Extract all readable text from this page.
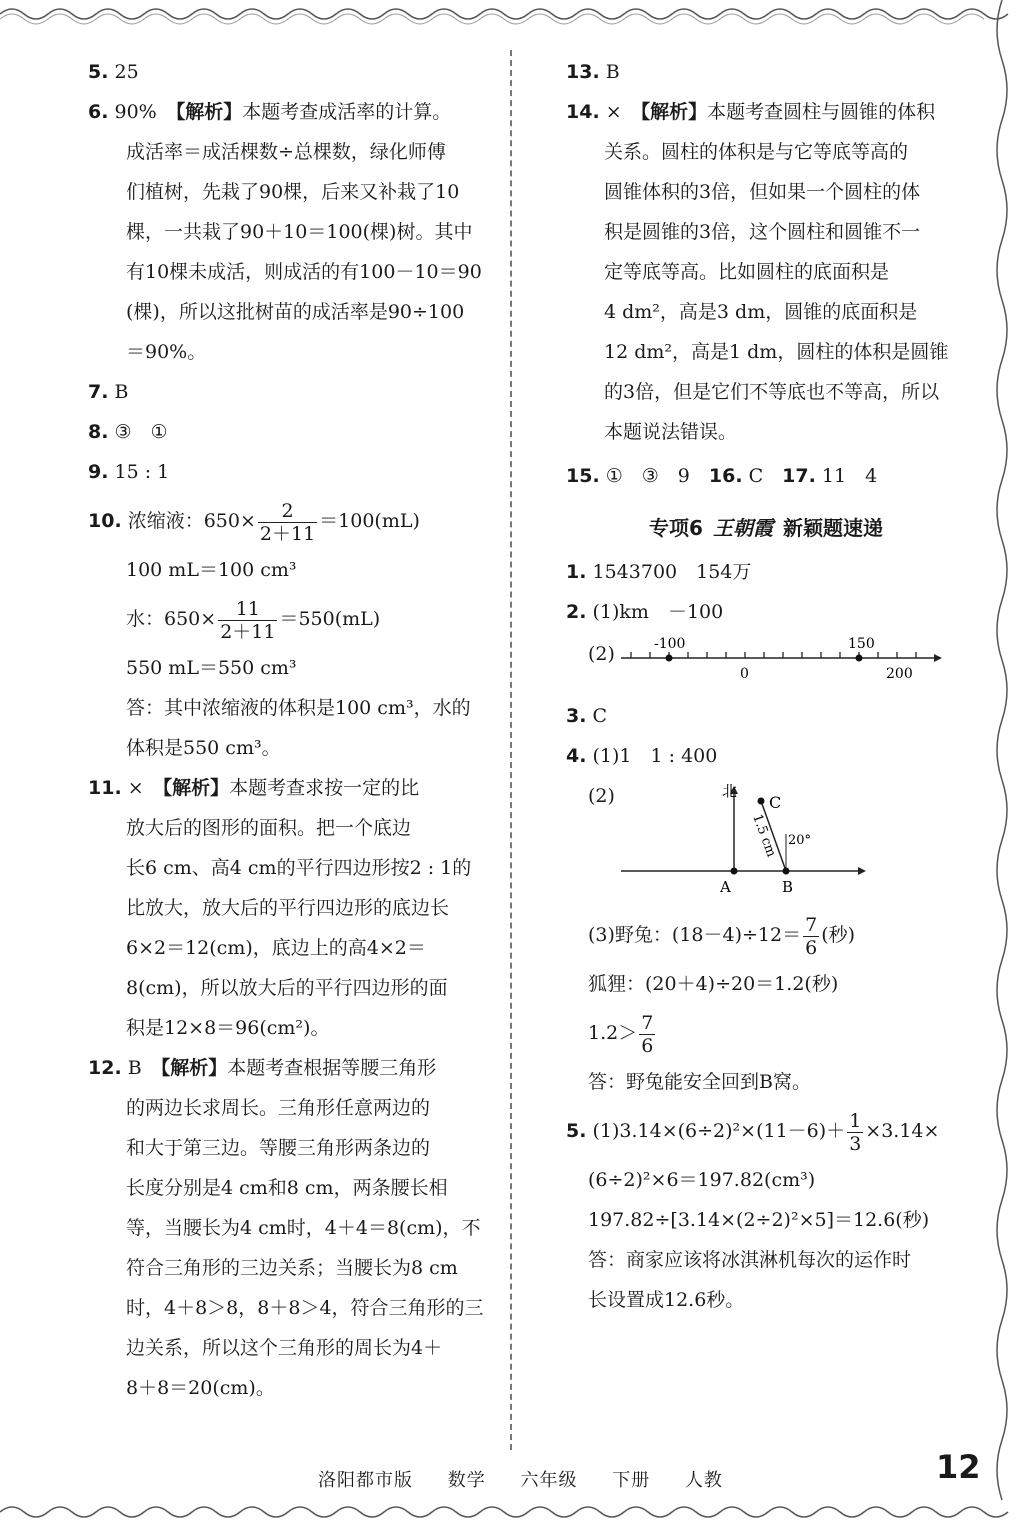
5. 25

6. 90%　 【解析】本题考查成活率的计算。

成活率＝成活棵数÷总棵数，绿化师傅

们植树，先栽了90棵，后来又补栽了10

棵，一共栽了90＋10＝100(棵)树。其中

有10棵未成活，则成活的有100－10＝90

(棵)，所以这批树苗的成活率是90÷100

＝90%。

7. B

8. ③　①

9. 15 : 1

10. 浓缩液：$650\times \frac{2}{2+11} =100(mL)$

100 mL＝100 cm³

水：$650\times \frac{11}{2+11} =550(mL)$

550 mL＝550 cm³

答：其中浓缩液的体积是100 cm³，水的

体积是550 cm³。

11. ×　 【解析】本题考查求按一定的比

放大后的图形的面积。把一个底边

长6 cm、高4 cm的平行四边形按2 : 1的

比放大，放大后的平行四边形的底边长

6×2＝12(cm)，底边上的高4×2＝

8(cm)，所以放大后的平行四边形的面

积是12×8＝96(cm²)。

12. B　 【解析】本题考查根据等腰三角形

的两边长求周长。三角形任意两边的

和大于第三边。等腰三角形两条边的

长度分别是4 cm和8 cm，两条腰长相

等，当腰长为4 cm时，4＋4＝8(cm)，不

符合三角形的三边关系；当腰长为8 cm

时，4＋8＞8，8＋8＞4，符合三角形的三

边关系，所以这个三角形的周长为4＋

8＋8＝20(cm)。

13. B

14. ×　 【解析】本题考查圆柱与圆锥的体积

关系。圆柱的体积是与它等底等高的

圆锥体积的3倍，但如果一个圆柱的体

积是圆锥的3倍，这个圆柱和圆锥不一

定等底等高。比如圆柱的底面积是

4 dm²，高是3 dm，圆锥的底面积是

12 dm²，高是1 dm，圆柱的体积是圆锥

的3倍，但是它们不等底也不等高，所以

本题说法错误。

15. ①　③　9　 16. C　 17. 11　4

专项6 王朝霞 新颖题速递

1. 1543700　154万

2. (1)km　－100

(2)	-100	150
0	200

3. C

4. (1)1　1 : 400

(2)	北
C
A	B
20°
1.5 cm

(3)野兔：$(18-4)\div 12= \frac{7}{6}$ (秒)

狐狸：(20＋4)÷20＝1.2(秒)

$1.2> \frac{7}{6}$

答：野兔能安全回到B窝。

5. $(1)3.14\times(6\div 2)^2\times(11-6)+ \frac{1}{3} \times 3.14\times$

(6÷2)²×6＝197.82(cm³)

197.82÷[3.14×(2÷2)²×5]＝12.6(秒)

答：商家应该将冰淇淋机每次的运作时

长设置成12.6秒。

洛阳都市版 数学 六年级 下册 人教	12
